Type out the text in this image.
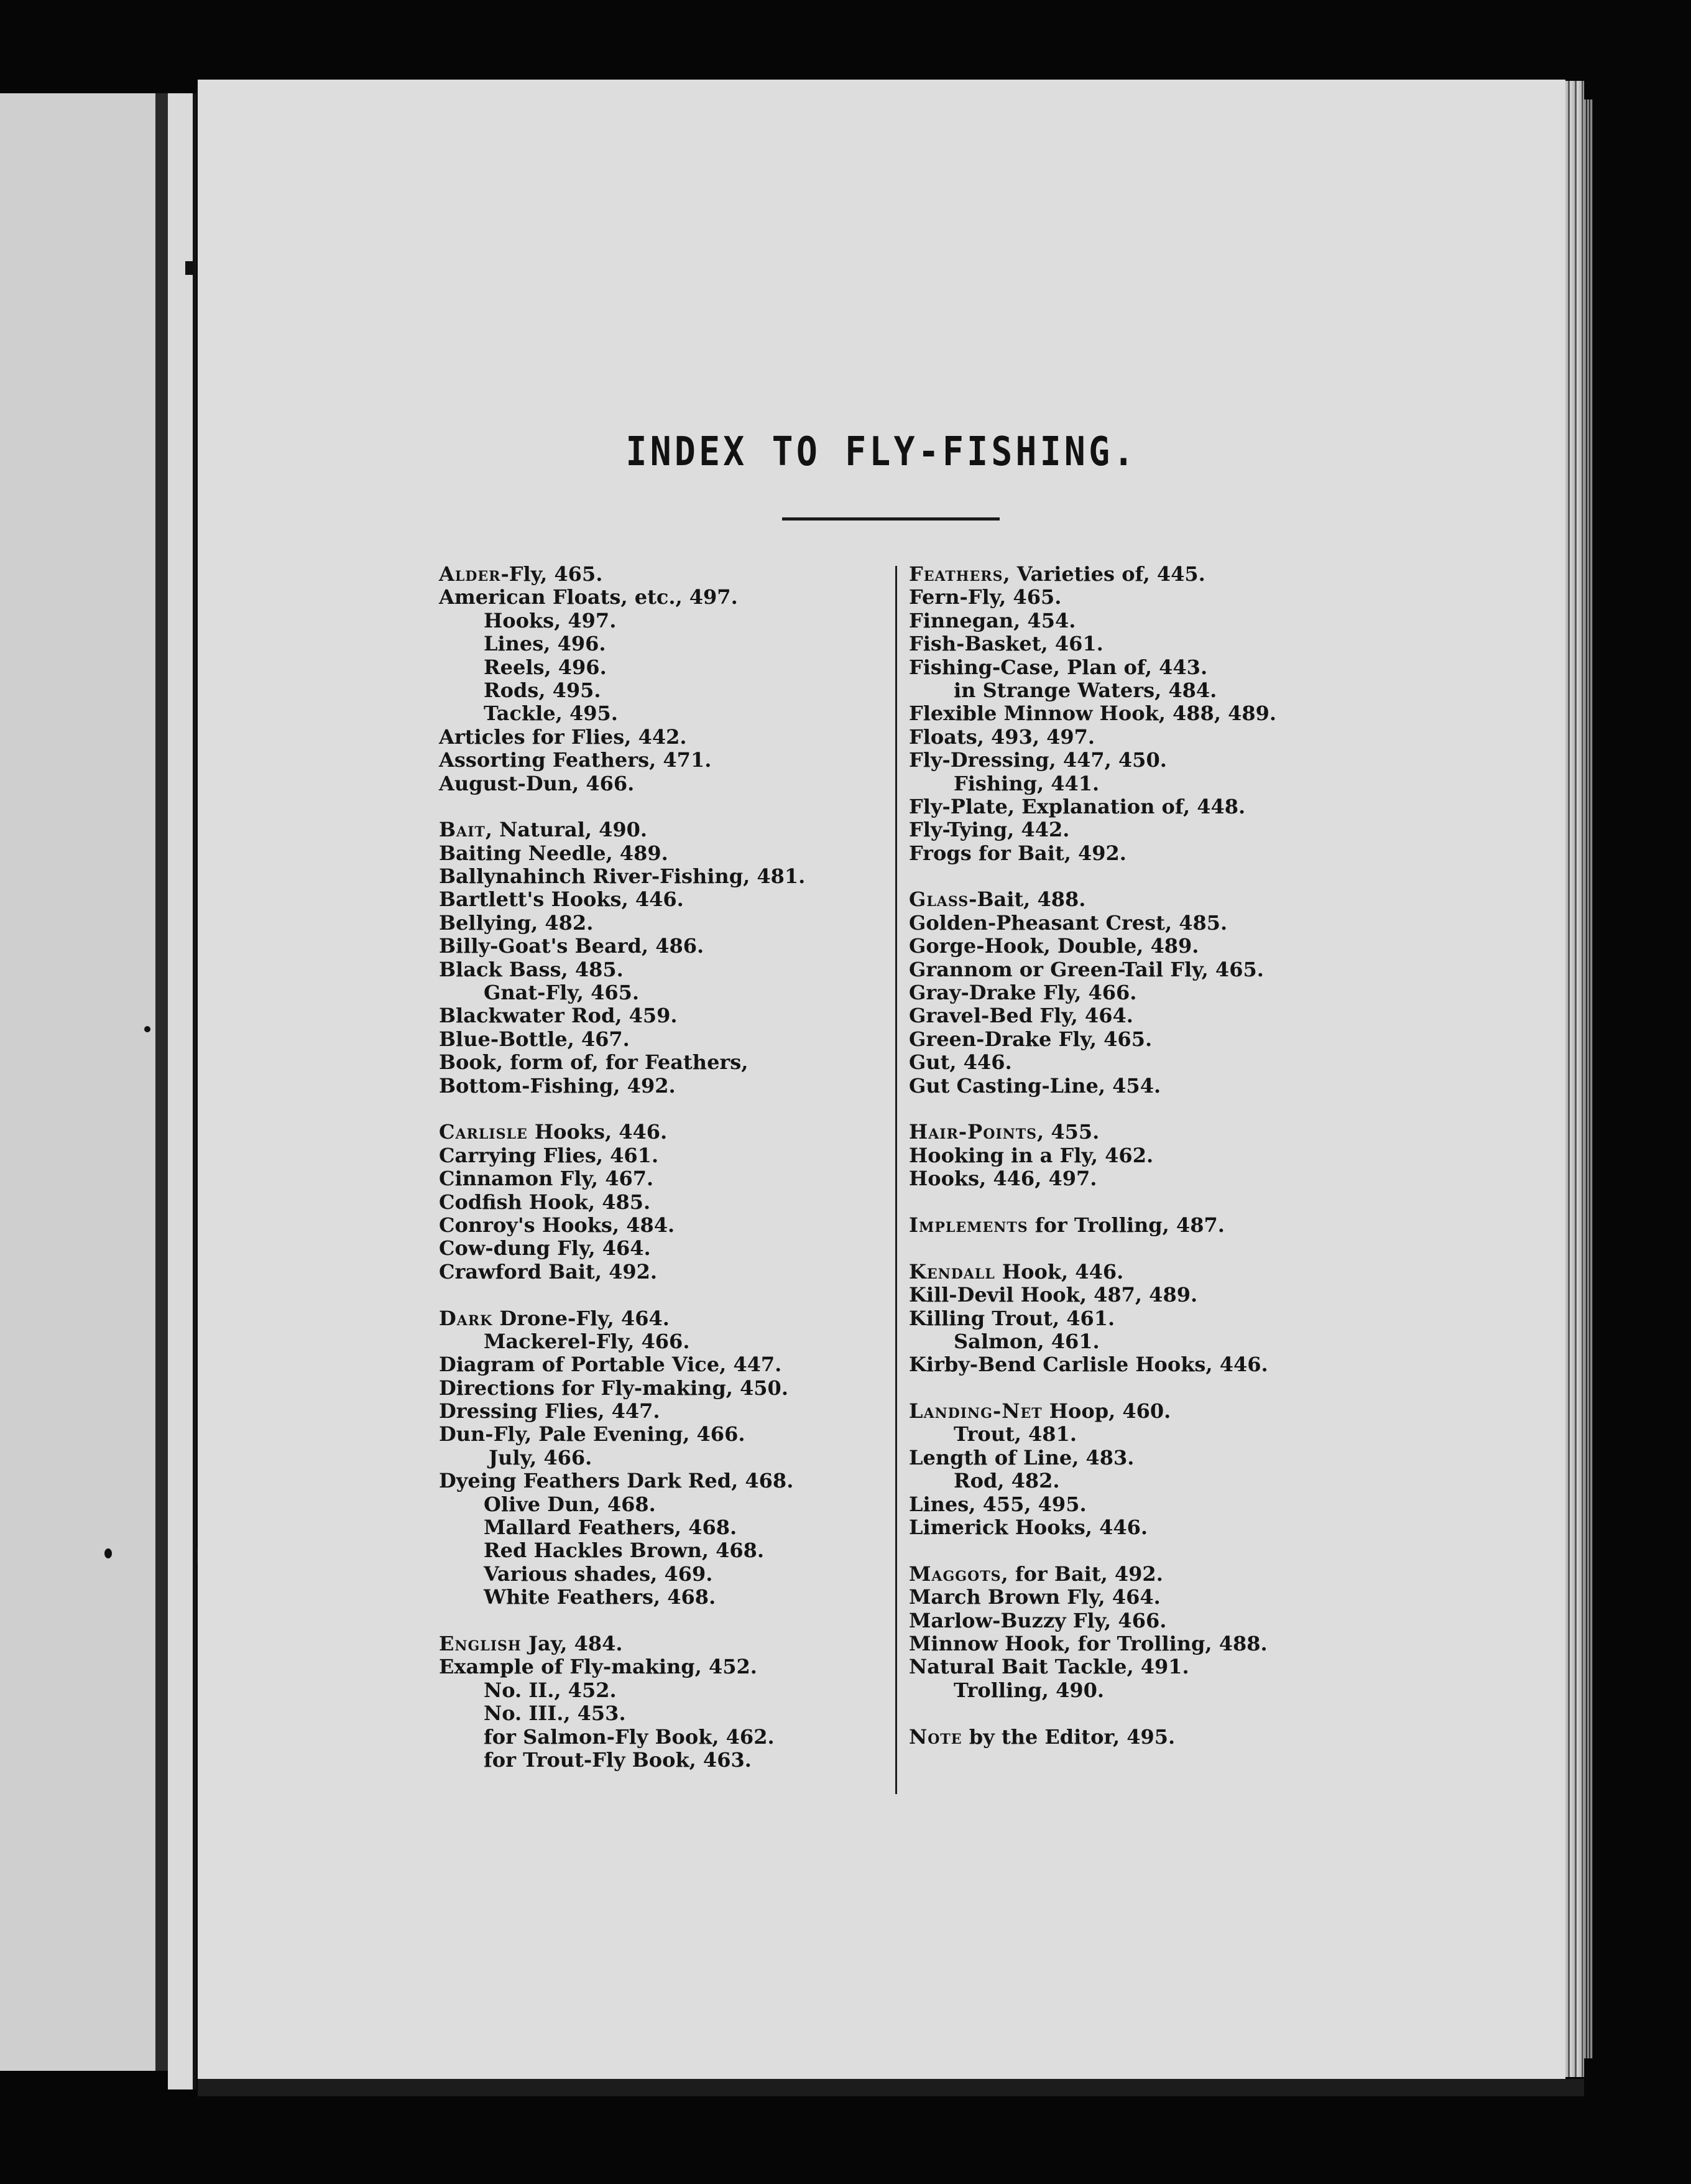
INDEX TO FLY-FISHING.
Alder-Fly, 465.
American Floats, etc., 497.
Hooks, 497.
Lines, 496.
Reels, 496.
Rods, 495.
Tackle, 495.
Articles for Flies, 442.
Assorting Feathers, 471.
August-Dun, 466.
Bait, Natural, 490.
Baiting Needle, 489.
Ballynahinch River-Fishing, 481.
Bartlett's Hooks, 446.
Bellying, 482.
Billy-Goat's Beard, 486.
Black Bass, 485.
Gnat-Fly, 465.
Blackwater Rod, 459.
Blue-Bottle, 467.
Book, form of, for Feathers,
Bottom-Fishing, 492.
Carlisle Hooks, 446.
Carrying Flies, 461.
Cinnamon Fly, 467.
Codfish Hook, 485.
Conroy's Hooks, 484.
Cow-dung Fly, 464.
Crawford Bait, 492.
Dark Drone-Fly, 464.
Mackerel-Fly, 466.
Diagram of Portable Vice, 447.
Directions for Fly-making, 450.
Dressing Flies, 447.
Dun-Fly, Pale Evening, 466.
July, 466.
Dyeing Feathers Dark Red, 468.
Olive Dun, 468.
Mallard Feathers, 468.
Red Hackles Brown, 468.
Various shades, 469.
White Feathers, 468.
English Jay, 484.
Example of Fly-making, 452.
No. II., 452.
No. III., 453.
for Salmon-Fly Book, 462.
for Trout-Fly Book, 463.
Feathers, Varieties of, 445.
Fern-Fly, 465.
Finnegan, 454.
Fish-Basket, 461.
Fishing-Case, Plan of, 443.
in Strange Waters, 484.
Flexible Minnow Hook, 488, 489.
Floats, 493, 497.
Fly-Dressing, 447, 450.
Fishing, 441.
Fly-Plate, Explanation of, 448.
Fly-Tying, 442.
Frogs for Bait, 492.
Glass-Bait, 488.
Golden-Pheasant Crest, 485.
Gorge-Hook, Double, 489.
Grannom or Green-Tail Fly, 465.
Gray-Drake Fly, 466.
Gravel-Bed Fly, 464.
Green-Drake Fly, 465.
Gut, 446.
Gut Casting-Line, 454.
Hair-Points, 455.
Hooking in a Fly, 462.
Hooks, 446, 497.
Implements for Trolling, 487.
Kendall Hook, 446.
Kill-Devil Hook, 487, 489.
Killing Trout, 461.
Salmon, 461.
Kirby-Bend Carlisle Hooks, 446.
Landing-Net Hoop, 460.
Trout, 481.
Length of Line, 483.
Rod, 482.
Lines, 455, 495.
Limerick Hooks, 446.
Maggots, for Bait, 492.
March Brown Fly, 464.
Marlow-Buzzy Fly, 466.
Minnow Hook, for Trolling, 488.
Natural Bait Tackle, 491.
Trolling, 490.
Note by the Editor, 495.
